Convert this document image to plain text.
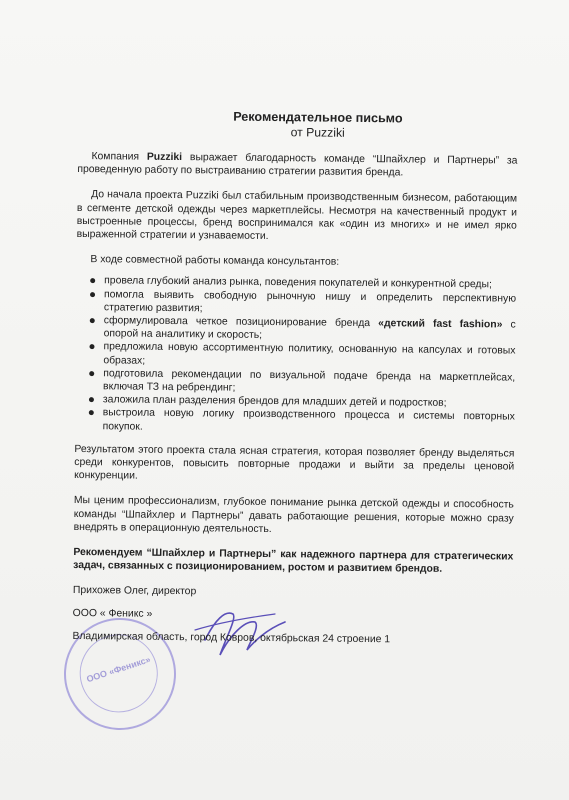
ООО «Феникс»
Рекомендательное письмо
от Puzziki

Компания Puzziki выражает благодарность команде “Шпайхлер и Партнеры” за проведенную работу по выстраиванию стратегии развития бренда.

До начала проекта Puzziki был стабильным производственным бизнесом, работающим в сегменте детской одежды через маркетплейсы. Несмотря на качественный продукт и выстроенные процессы, бренд воспринимался как «один из многих» и не имел ярко выраженной стратегии и узнаваемости.

В ходе совместной работы команда консультантов:

провела глубокий анализ рынка, поведения покупателей и конкурентной среды;
помогла выявить свободную рыночную нишу и определить перспективную стратегию развития;
сформулировала четкое позиционирование бренда «детский fast fashion» с опорой на аналитику и скорость;
предложила новую ассортиментную политику, основанную на капсулах и готовых образах;
подготовила рекомендации по визуальной подаче бренда на маркетплейсах, включая ТЗ на ребрендинг;
заложила план разделения брендов для младших детей и подростков;
выстроила новую логику производственного процесса и системы повторных покупок.

Результатом этого проекта стала ясная стратегия, которая позволяет бренду выделяться среди конкурентов, повысить повторные продажи и выйти за пределы ценовой конкуренции.

Мы ценим профессионализм, глубокое понимание рынка детской одежды и способность команды “Шпайхлер и Партнеры” давать работающие решения, которые можно сразу внедрять в операционную деятельность.

Рекомендуем “Шпайхлер и Партнеры” как надежного партнера для стратегических задач, связанных с позиционированием, ростом и развитием брендов.

Прихожев Олег, директор
ООО « Феникс »
Владимирская область, город Ковров, октябрьская 24 строение 1
